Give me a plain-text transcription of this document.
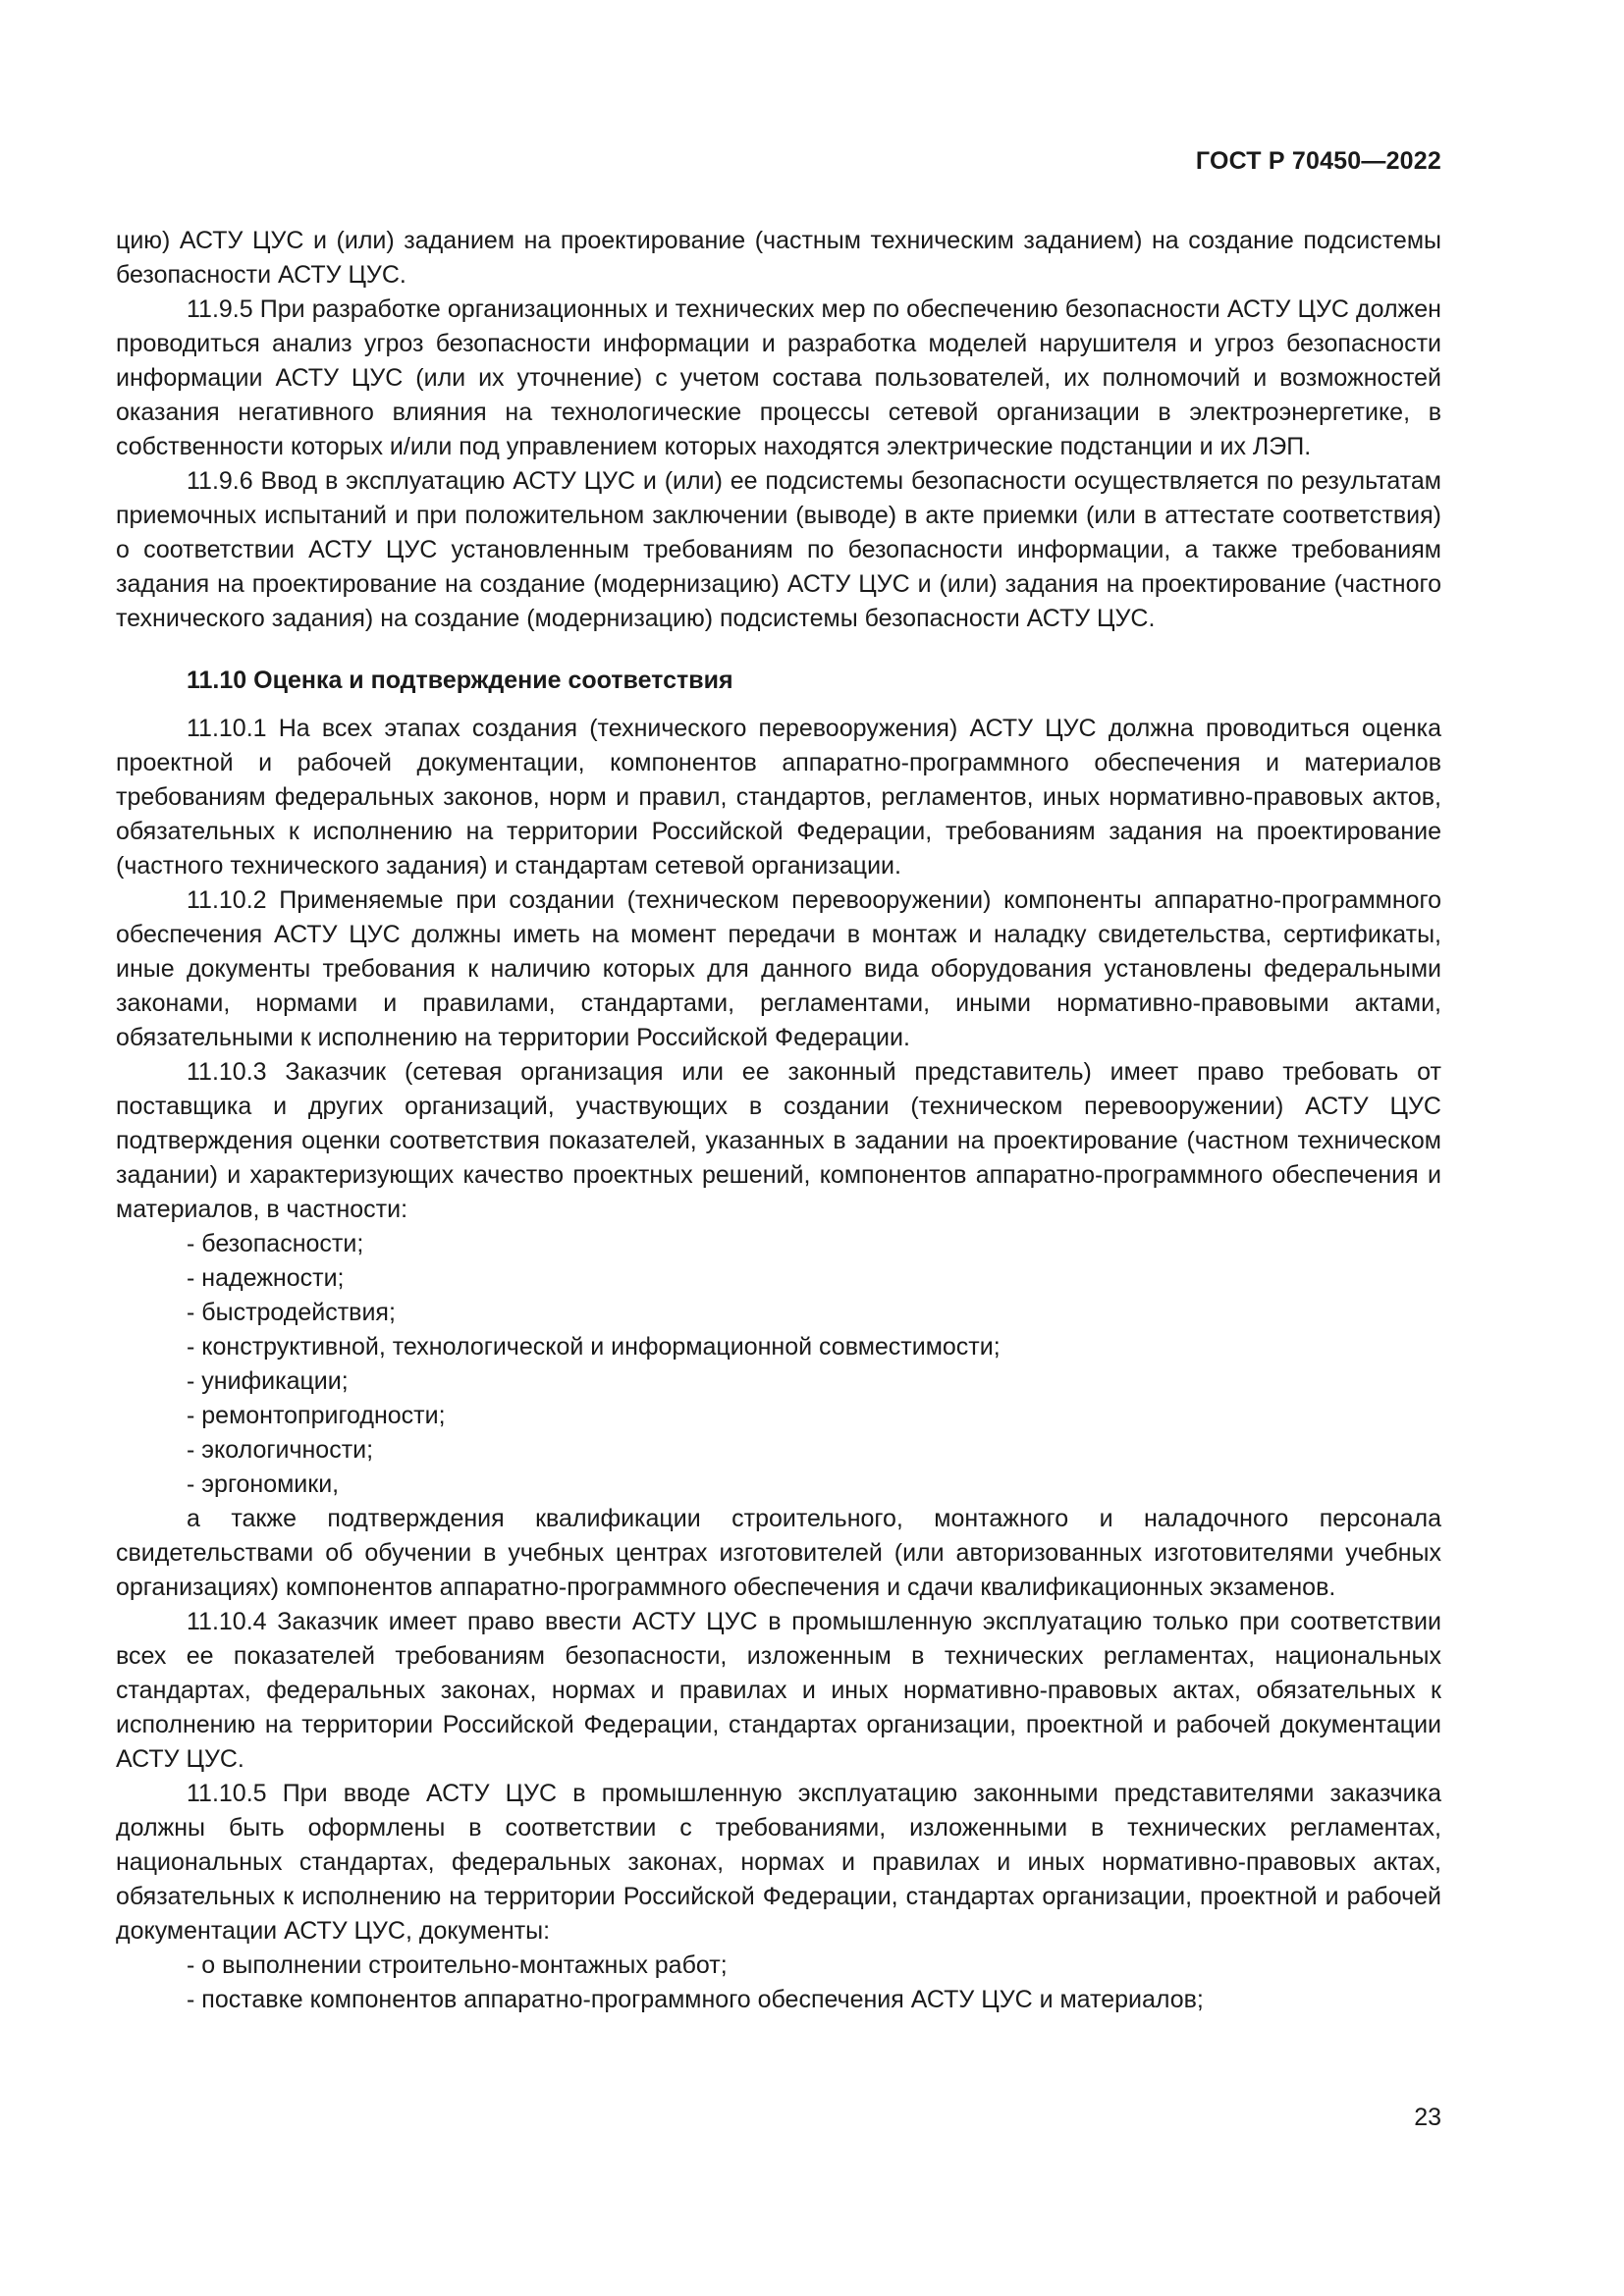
ГОСТ Р 70450—2022

цию) АСТУ ЦУС и (или) заданием на проектирование (частным техническим заданием) на создание подсистемы безопасности АСТУ ЦУС.

11.9.5 При разработке организационных и технических мер по обеспечению безопасности АСТУ ЦУС должен проводиться анализ угроз безопасности информации и разработка моделей нарушителя и угроз безопасности информации АСТУ ЦУС (или их уточнение) с учетом состава пользователей, их полномочий и возможностей оказания негативного влияния на технологические процессы сетевой организации в электроэнергетике, в собственности которых и/или под управлением которых находятся электрические подстанции и их ЛЭП.

11.9.6 Ввод в эксплуатацию АСТУ ЦУС и (или) ее подсистемы безопасности осуществляется по результатам приемочных испытаний и при положительном заключении (выводе) в акте приемки (или в аттестате соответствия) о соответствии АСТУ ЦУС установленным требованиям по безопасности информации, а также требованиям задания на проектирование на создание (модернизацию) АСТУ ЦУС и (или) задания на проектирование (частного технического задания) на создание (модернизацию) подсистемы безопасности АСТУ ЦУС.

11.10 Оценка и подтверждение соответствия

11.10.1 На всех этапах создания (технического перевооружения) АСТУ ЦУС должна проводиться оценка проектной и рабочей документации, компонентов аппаратно-программного обеспечения и материалов требованиям федеральных законов, норм и правил, стандартов, регламентов, иных нормативно-правовых актов, обязательных к исполнению на территории Российской Федерации, требованиям задания на проектирование (частного технического задания) и стандартам сетевой организации.

11.10.2 Применяемые при создании (техническом перевооружении) компоненты аппаратно-программного обеспечения АСТУ ЦУС должны иметь на момент передачи в монтаж и наладку свидетельства, сертификаты, иные документы требования к наличию которых для данного вида оборудования установлены федеральными законами, нормами и правилами, стандартами, регламентами, иными нормативно-правовыми актами, обязательными к исполнению на территории Российской Федерации.

11.10.3 Заказчик (сетевая организация или ее законный представитель) имеет право требовать от поставщика и других организаций, участвующих в создании (техническом перевооружении) АСТУ ЦУС подтверждения оценки соответствия показателей, указанных в задании на проектирование (частном техническом задании) и характеризующих качество проектных решений, компонентов аппаратно-программного обеспечения и материалов, в частности:

- безопасности;
- надежности;
- быстродействия;
- конструктивной, технологической и информационной совместимости;
- унификации;
- ремонтопригодности;
- экологичности;
- эргономики,

а также подтверждения квалификации строительного, монтажного и наладочного персонала свидетельствами об обучении в учебных центрах изготовителей (или авторизованных изготовителями учебных организациях) компонентов аппаратно-программного обеспечения и сдачи квалификационных экзаменов.

11.10.4 Заказчик имеет право ввести АСТУ ЦУС в промышленную эксплуатацию только при соответствии всех ее показателей требованиям безопасности, изложенным в технических регламентах, национальных стандартах, федеральных законах, нормах и правилах и иных нормативно-правовых актах, обязательных к исполнению на территории Российской Федерации, стандартах организации, проектной и рабочей документации АСТУ ЦУС.

11.10.5 При вводе АСТУ ЦУС в промышленную эксплуатацию законными представителями заказчика должны быть оформлены в соответствии с требованиями, изложенными в технических регламентах, национальных стандартах, федеральных законах, нормах и правилах и иных нормативно-правовых актах, обязательных к исполнению на территории Российской Федерации, стандартах организации, проектной и рабочей документации АСТУ ЦУС, документы:

- о выполнении строительно-монтажных работ;
- поставке компонентов аппаратно-программного обеспечения АСТУ ЦУС и материалов;
23
